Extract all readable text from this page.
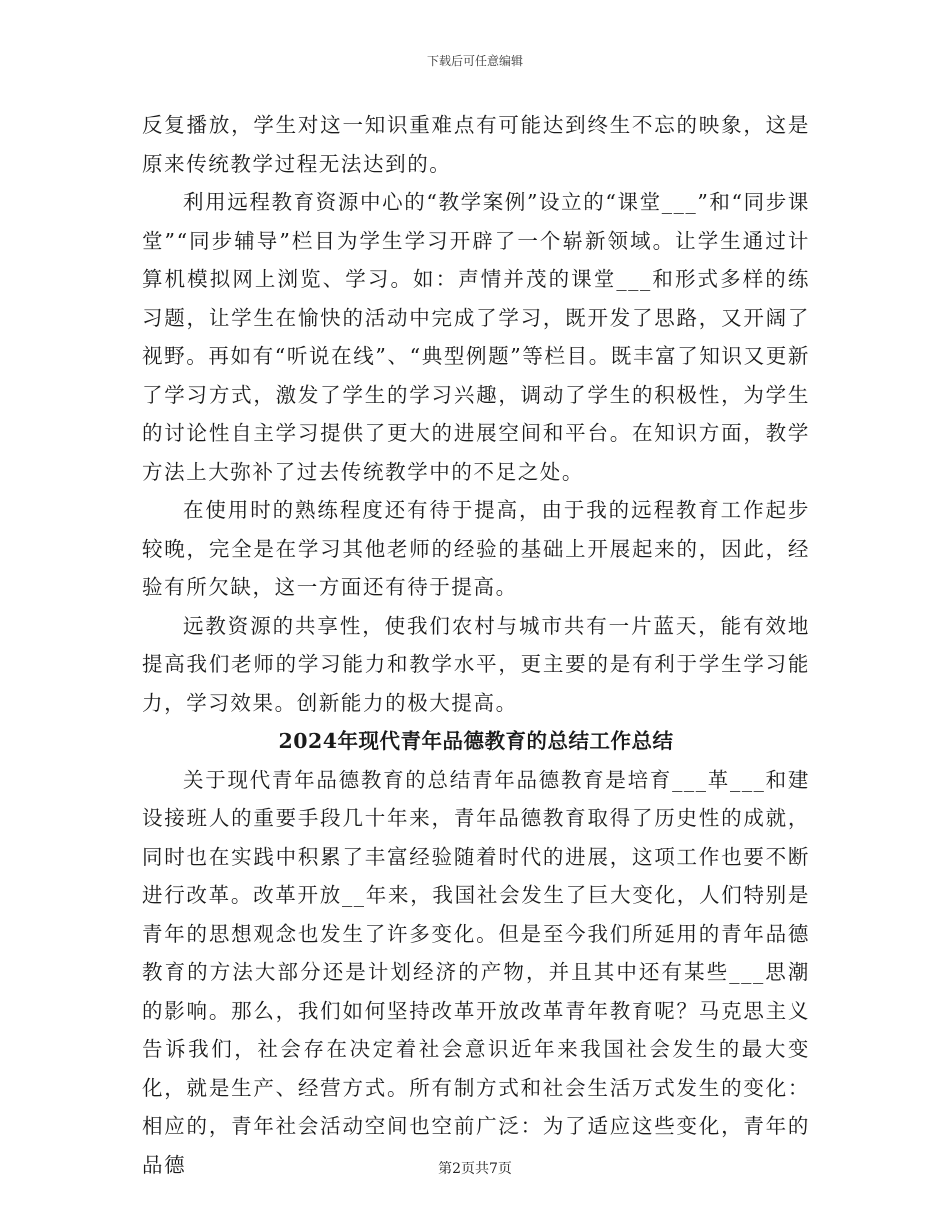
下载后可任意编辑

反复播放，学生对这一知识重难点有可能达到终生不忘的映象，这是原来传统教学过程无法达到的。

利用远程教育资源中心的“教学案例”设立的“课堂___”和“同步课堂”“同步辅导”栏目为学生学习开辟了一个崭新领域。让学生通过计算机模拟网上浏览、学习。如：声情并茂的课堂___和形式多样的练习题，让学生在愉快的活动中完成了学习，既开发了思路，又开阔了视野。再如有“听说在线”、“典型例题”等栏目。既丰富了知识又更新了学习方式，激发了学生的学习兴趣，调动了学生的积极性，为学生的讨论性自主学习提供了更大的进展空间和平台。在知识方面，教学方法上大弥补了过去传统教学中的不足之处。

在使用时的熟练程度还有待于提高，由于我的远程教育工作起步较晚，完全是在学习其他老师的经验的基础上开展起来的，因此，经验有所欠缺，这一方面还有待于提高。

远教资源的共享性，使我们农村与城市共有一片蓝天，能有效地提高我们老师的学习能力和教学水平，更主要的是有利于学生学习能力，学习效果。创新能力的极大提高。

2024年现代青年品德教育的总结工作总结

关于现代青年品德教育的总结青年品德教育是培育___革___和建设接班人的重要手段几十年来，青年品德教育取得了历史性的成就，同时也在实践中积累了丰富经验随着时代的进展，这项工作也要不断进行改革。改革开放__年来，我国社会发生了巨大变化，人们特别是青年的思想观念也发生了许多变化。但是至今我们所延用的青年品德教育的方法大部分还是计划经济的产物，并且其中还有某些___思潮的影响。那么，我们如何坚持改革开放改革青年教育呢？马克思主义告诉我们，社会存在决定着社会意识近年来我国社会发生的最大变化，就是生产、经营方式。所有制方式和社会生活万式发生的变化：相应的，青年社会活动空间也空前广泛：为了适应这些变化，青年的品德	第2页共7页
